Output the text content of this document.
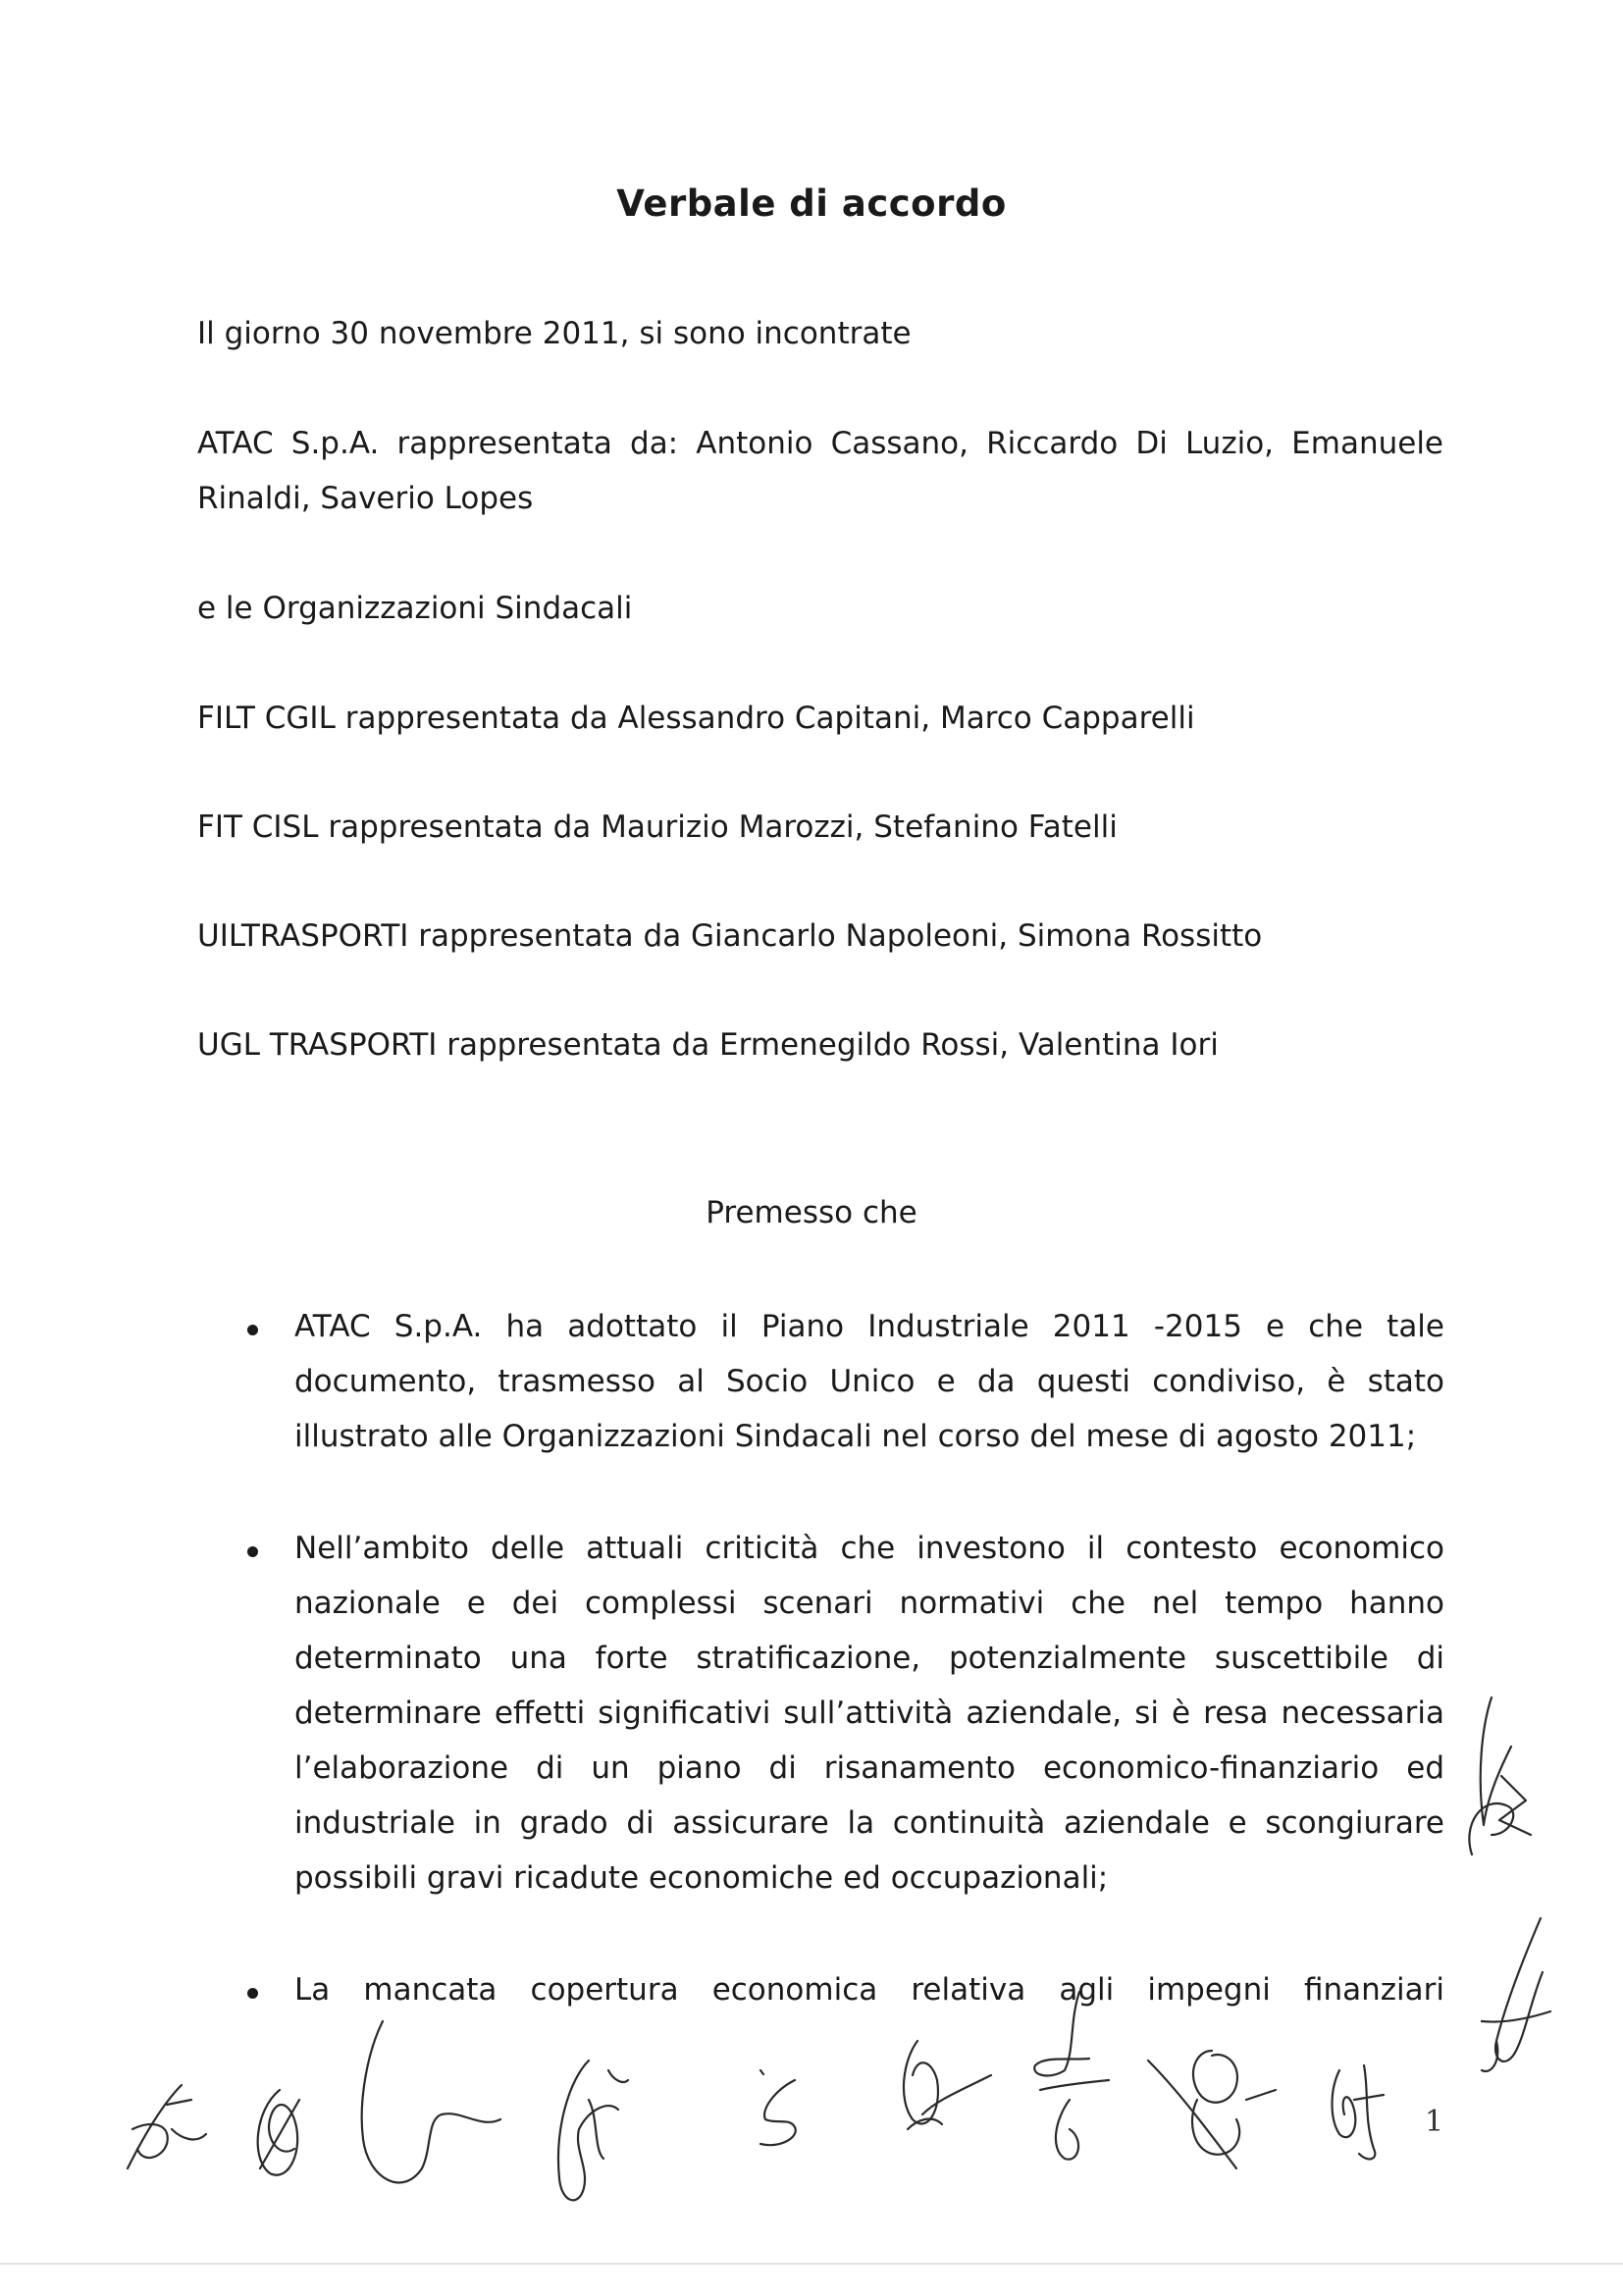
Verbale di accordo
Il giorno 30 novembre 2011, si sono incontrate
ATAC S.p.A. rappresentata da: Antonio Cassano, Riccardo Di Luzio, Emanuele
Rinaldi, Saverio Lopes
e le Organizzazioni Sindacali
FILT CGIL rappresentata da Alessandro Capitani, Marco Capparelli
FIT CISL rappresentata da Maurizio Marozzi, Stefanino Fatelli
UILTRASPORTI rappresentata da Giancarlo Napoleoni, Simona Rossitto
UGL TRASPORTI rappresentata da Ermenegildo Rossi, Valentina Iori
Premesso che
ATAC S.p.A. ha adottato il Piano Industriale 2011 -2015 e che tale
documento, trasmesso al Socio Unico e da questi condiviso, è stato
illustrato alle Organizzazioni Sindacali nel corso del mese di agosto 2011;
Nell’ambito delle attuali criticità che investono il contesto economico
nazionale e dei complessi scenari normativi che nel tempo hanno
determinato una forte stratificazione, potenzialmente suscettibile di
determinare effetti significativi sull’attività aziendale, si è resa necessaria
l’elaborazione di un piano di risanamento economico-finanziario ed
industriale in grado di assicurare la continuità aziendale e scongiurare
possibili gravi ricadute economiche ed occupazionali;
La mancata copertura economica relativa agli impegni finanziari
1
